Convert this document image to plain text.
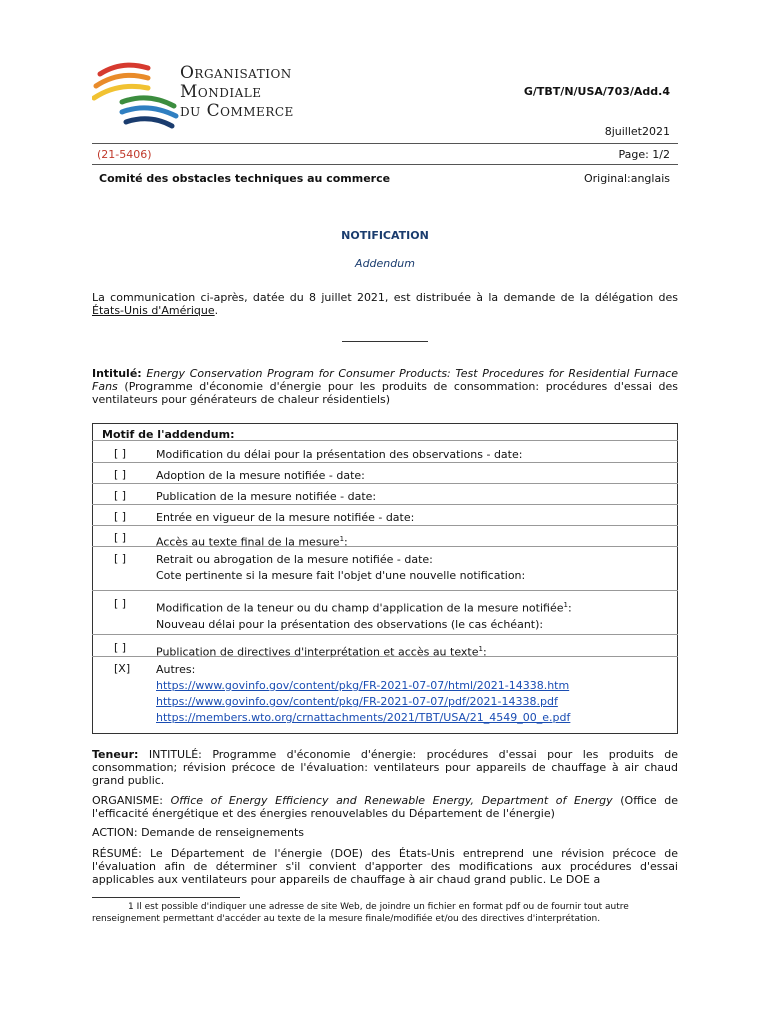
Organisation
Mondiale
du Commerce
G/TBT/N/USA/703/Add.4
8juillet2021
(21-5406)	Page: 1/2
Comité des obstacles techniques au commerce	Original:anglais
NOTIFICATION
Addendum
La communication ci-après, datée du 8 juillet 2021, est distribuée à la demande de la délégation des États-Unis d'Amérique.
Intitulé: Energy Conservation Program for Consumer Products: Test Procedures for Residential Furnace Fans (Programme d'économie d'énergie pour les produits de consommation: procédures d'essai des ventilateurs pour générateurs de chaleur résidentiels)
Motif de l'addendum:
[ ]	Modification du délai pour la présentation des observations - date:
[ ]	Adoption de la mesure notifiée - date:
[ ]	Publication de la mesure notifiée - date:
[ ]	Entrée en vigueur de la mesure notifiée - date:
[ ]	Accès au texte final de la mesure$^1$:
[ ]	Retrait ou abrogation de la mesure notifiée - date:
Cote pertinente si la mesure fait l'objet d'une nouvelle notification:
[ ]	Modification de la teneur ou du champ d'application de la mesure notifiée$^1$:
Nouveau délai pour la présentation des observations (le cas échéant):
[ ]	Publication de directives d'interprétation et accès au texte$^1$:
[X] Autres:
https://www.govinfo.gov/content/pkg/FR-2021-07-07/html/2021-14338.htm
https://www.govinfo.gov/content/pkg/FR-2021-07-07/pdf/2021-14338.pdf
https://members.wto.org/crnattachments/2021/TBT/USA/21_4549_00_e.pdf
Teneur: INTITULÉ: Programme d'économie d'énergie: procédures d'essai pour les produits de consommation; révision précoce de l'évaluation: ventilateurs pour appareils de chauffage à air chaud grand public.
ORGANISME: Office of Energy Efficiency and Renewable Energy, Department of Energy (Office de l'efficacité énergétique et des énergies renouvelables du Département de l'énergie)
ACTION: Demande de renseignements
RÉSUMÉ: Le Département de l'énergie (DOE) des États-Unis entreprend une révision précoce de l'évaluation afin de déterminer s'il convient d'apporter des modifications aux procédures d'essai applicables aux ventilateurs pour appareils de chauffage à air chaud grand public. Le DOE a
1 Il est possible d'indiquer une adresse de site Web, de joindre un fichier en format pdf ou de fournir tout autre renseignement permettant d'accéder au texte de la mesure finale/modifiée et/ou des directives d'interprétation.
